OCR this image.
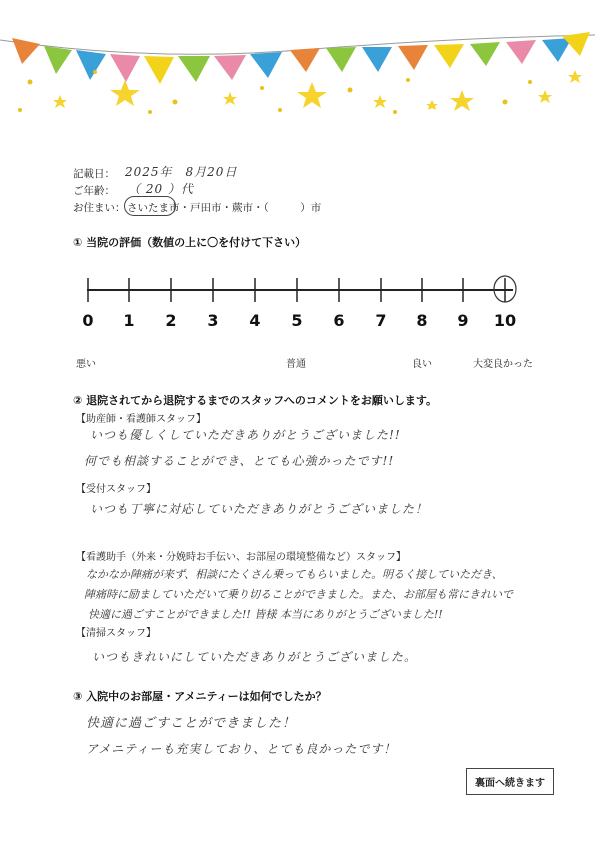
記載日： 2025年　8月20日
ご年齢： （ 20 ）代
お住まい： さいたま市・戸田市・蕨市・（　　　）市
① 当院の評価（数値の上に〇を付けて下さい）
0	1	2	3	4	5	6	7	8	9	10
悪い	普通	良い	大変良かった
② 退院されてから退院するまでのスタッフへのコメントをお願いします。
【助産師・看護師スタッフ】
いつも優しくしていただきありがとうございました!!
何でも相談することができ、とても心強かったです!!
【受付スタッフ】
いつも丁寧に対応していただきありがとうございました！
【看護助手（外来・分娩時お手伝い、お部屋の環境整備など）スタッフ】
なかなか陣痛が来ず、相談にたくさん乗ってもらいました。明るく接していただき、
陣痛時に励ましていただいて乗り切ることができました。また、お部屋も常にきれいで
快適に過ごすことができました!! 皆様 本当にありがとうございました!!
【清掃スタッフ】
いつもきれいにしていただきありがとうございました。
③ 入院中のお部屋・アメニティーは如何でしたか？
快適に過ごすことができました！
アメニティーも充実しており、とても良かったです！
裏面へ続きます
